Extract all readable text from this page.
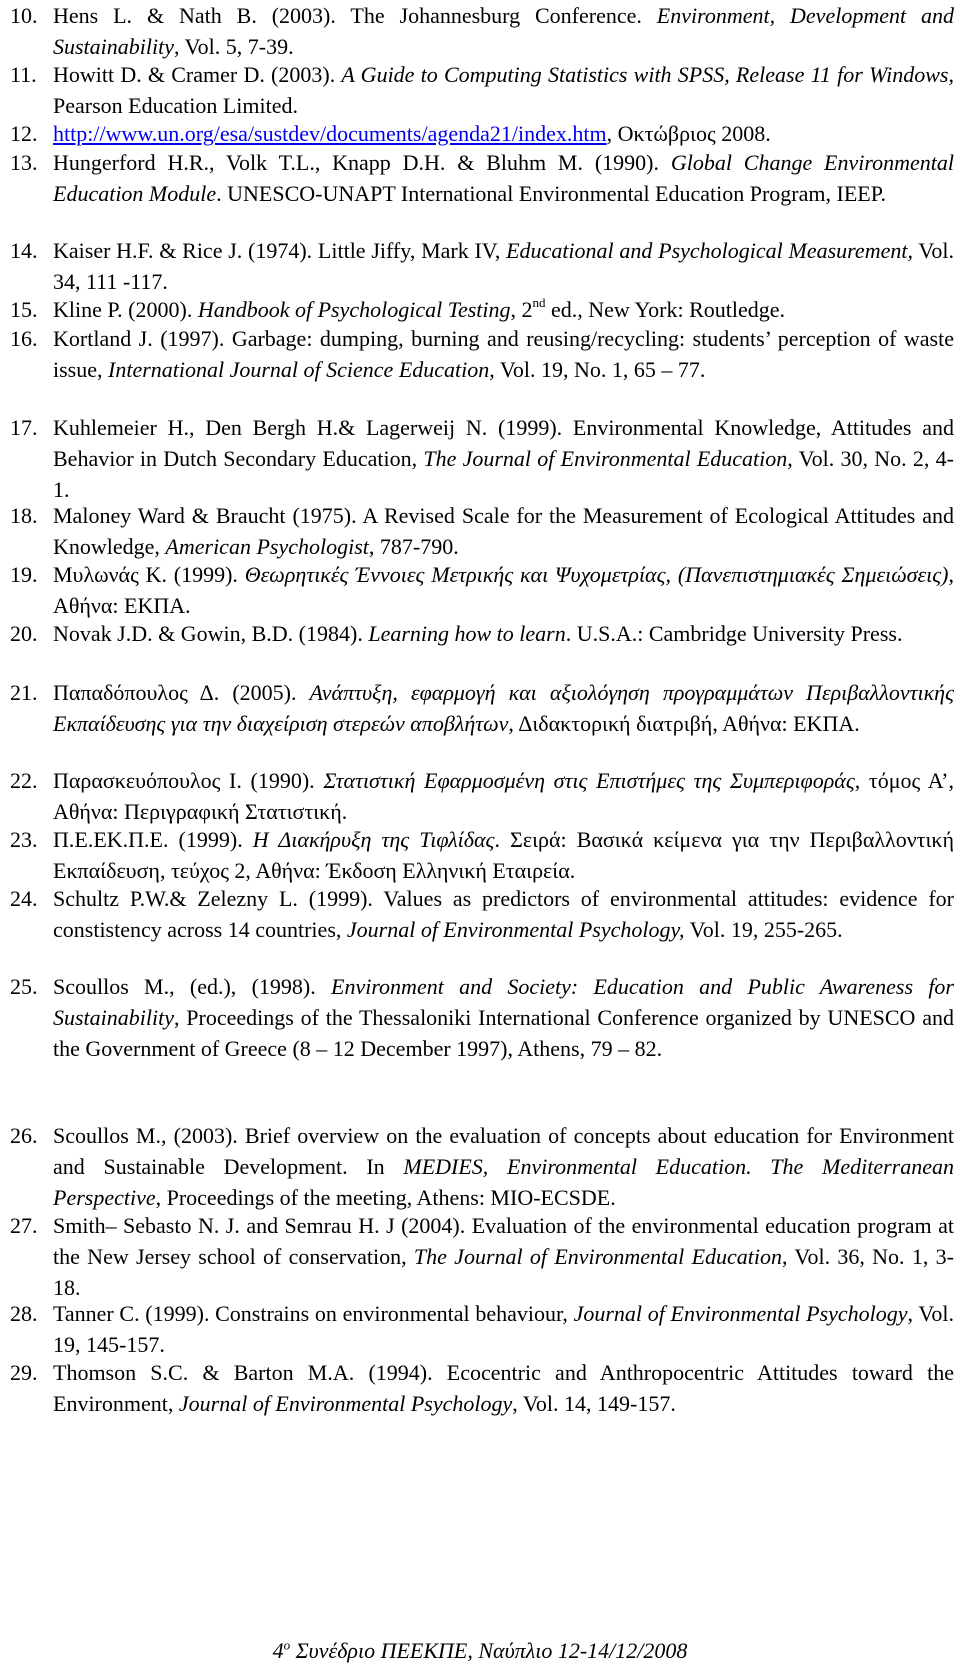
10. Hens L. & Nath B. (2003). The Johannesburg Conference. Environment, Development and Sustainability, Vol. 5, 7-39.
11. Howitt D. & Cramer D. (2003). A Guide to Computing Statistics with SPSS, Release 11 for Windows, Pearson Education Limited.
12. http://www.un.org/esa/sustdev/documents/agenda21/index.htm, Οκτώβριος 2008.
13. Hungerford H.R., Volk T.L., Knapp D.H. & Bluhm M. (1990). Global Change Environmental Education Module. UNESCO-UNAPT International Environmental Education Program, IEEP.
14. Kaiser H.F. & Rice J. (1974). Little Jiffy, Mark IV, Educational and Psychological Measurement, Vol. 34, 111 -117.
15. Kline P. (2000). Handbook of Psychological Testing, 2nd ed., New York: Routledge.
16. Kortland J. (1997). Garbage: dumping, burning and reusing/recycling: students’ perception of waste issue, International Journal of Science Education, Vol. 19, No. 1, 65 – 77.
17. Kuhlemeier H., Den Bergh H.& Lagerweij N. (1999). Environmental Knowledge, Attitudes and Behavior in Dutch Secondary Education, The Journal of Environmental Education, Vol. 30, No. 2, 4-1.
18. Maloney Ward & Braucht (1975). A Revised Scale for the Measurement of Ecological Attitudes and Knowledge, American Psychologist, 787-790.
19. Μυλωνάς Κ. (1999). Θεωρητικές Έννοιες Μετρικής και Ψυχομετρίας, (Πανεπιστημιακές Σημειώσεις), Αθήνα: ΕΚΠΑ.
20. Novak J.D. & Gowin, B.D. (1984). Learning how to learn. U.S.A.: Cambridge University Press.
21. Παπαδόπουλος Δ. (2005). Ανάπτυξη, εφαρμογή και αξιολόγηση προγραμμάτων Περιβαλλοντικής Εκπαίδευσης για την διαχείριση στερεών αποβλήτων, Διδακτορική διατριβή, Αθήνα: ΕΚΠΑ.
22. Παρασκευόπουλος Ι. (1990). Στατιστική Εφαρμοσμένη στις Επιστήμες της Συμπεριφοράς, τόμος Α’, Αθήνα: Περιγραφική Στατιστική.
23. Π.Ε.ΕΚ.Π.Ε. (1999). Η Διακήρυξη της Τιφλίδας. Σειρά: Βασικά κείμενα για την Περιβαλλοντική Εκπαίδευση, τεύχος 2, Αθήνα: Έκδοση Ελληνική Εταιρεία.
24. Schultz P.W.& Zelezny L. (1999). Values as predictors of environmental attitudes: evidence for constistency across 14 countries, Journal of Environmental Psychology, Vol. 19, 255-265.
25. Scoullos M., (ed.), (1998). Environment and Society: Education and Public Awareness for Sustainability, Proceedings of the Thessaloniki International Conference organized by UNESCO and the Government of Greece (8 – 12 December 1997), Athens, 79 – 82.
26. Scoullos M., (2003). Brief overview on the evaluation of concepts about education for Environment and Sustainable Development. In MEDIES, Environmental Education. The Mediterranean Perspective, Proceedings of the meeting, Athens: MIO-ECSDE.
27. Smith– Sebasto N. J. and Semrau H. J (2004). Evaluation of the environmental education program at the New Jersey school of conservation, The Journal of Environmental Education, Vol. 36, No. 1, 3-18.
28. Tanner C. (1999). Constrains on environmental behaviour, Journal of Environmental Psychology, Vol. 19, 145-157.
29. Thomson S.C. & Barton M.A. (1994). Ecocentric and Anthropocentric Attitudes toward the Environment, Journal of Environmental Psychology, Vol. 14, 149-157.
$4^o$ Συνέδριο ΠΕΕΚΠΕ, Ναύπλιο 12-14/12/2008
